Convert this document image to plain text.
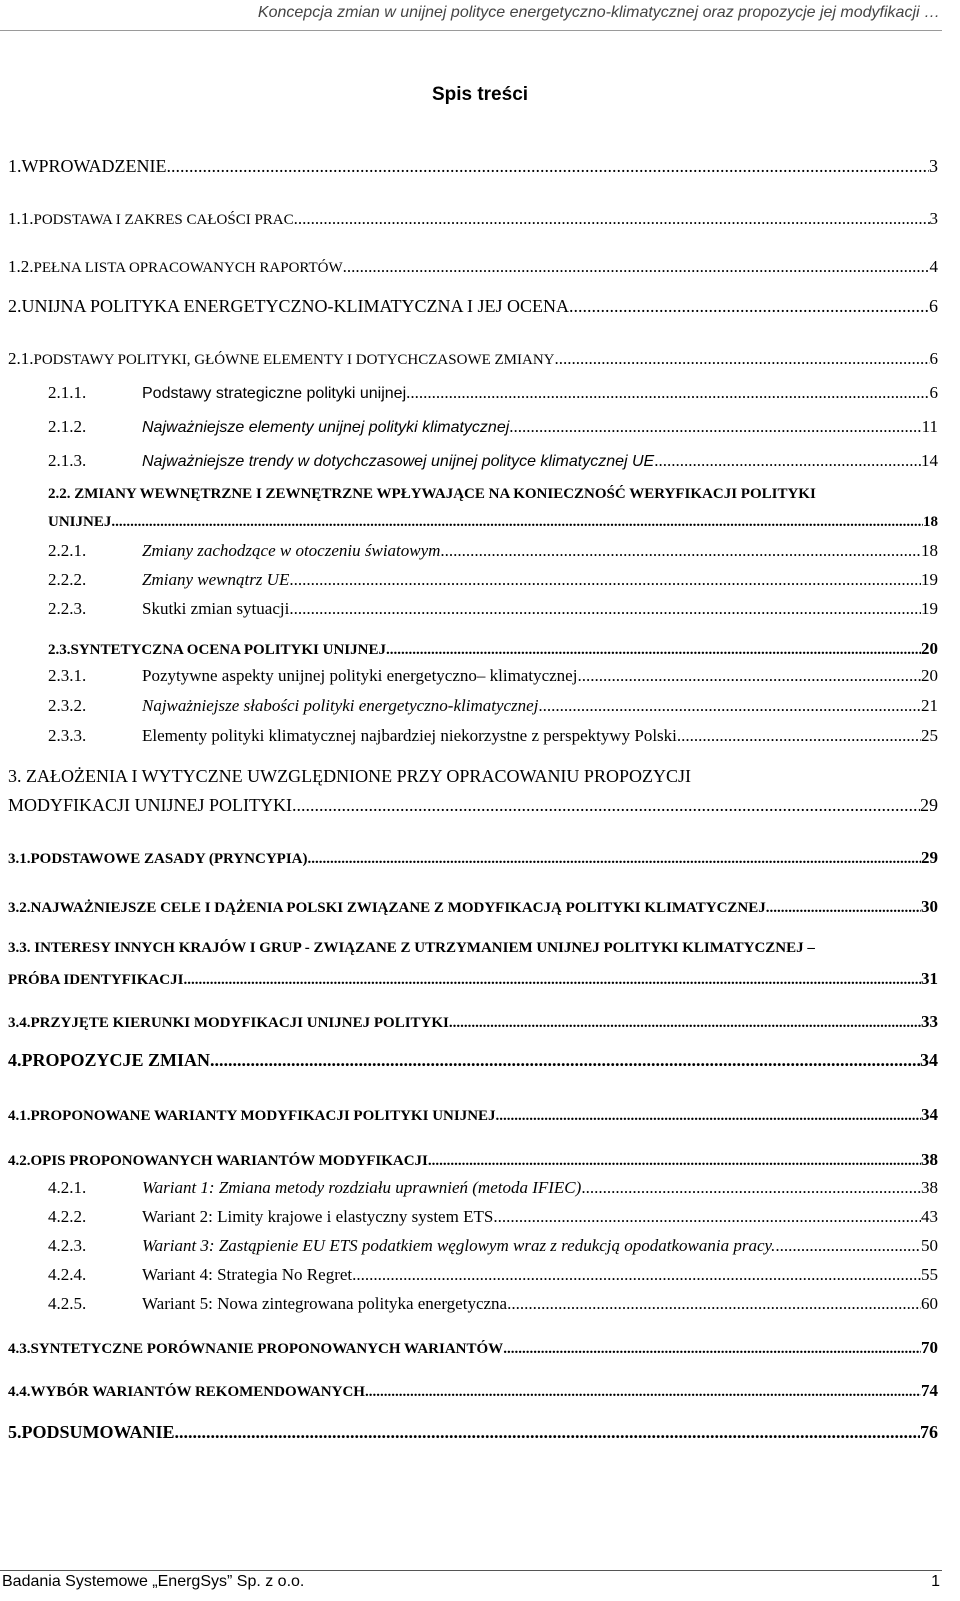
Koncepcja zmian w unijnej polityce energetyczno-klimatycznej oraz propozycje jej modyfikacji …
Spis treści
1. WPROWADZENIE .....	3
1.1. PODSTAWA I ZAKRES CAŁOŚCI PRAC .....	3
1.2. PEŁNA LISTA OPRACOWANYCH RAPORTÓW .....	4
2. UNIJNA POLITYKA ENERGETYCZNO-KLIMATYCZNA I JEJ OCENA .....	6
2.1. PODSTAWY POLITYKI, GŁÓWNE ELEMENTY I DOTYCHCZASOWE ZMIANY .....	6
2.1.1.	Podstawy strategiczne polityki unijnej .....	6
2.1.2.	Najważniejsze elementy unijnej polityki klimatycznej .....	11
2.1.3.	Najważniejsze trendy w dotychczasowej unijnej polityce klimatycznej UE .....	14
2.2. ZMIANY WEWNĘTRZNE I ZEWNĘTRZNE WPŁYWAJĄCE NA KONIECZNOŚĆ WERYFIKACJI POLITYKI
UNIJNEJ .....	18
2.2.1.	Zmiany zachodzące w otoczeniu światowym .....	18
2.2.2.	Zmiany wewnątrz UE .....	19
2.2.3.	Skutki zmian sytuacji .....	19
2.3. SYNTETYCZNA OCENA POLITYKI UNIJNEJ .....	20
2.3.1.	Pozytywne aspekty unijnej polityki energetyczno– klimatycznej .....	20
2.3.2.	Najważniejsze słabości polityki energetyczno-klimatycznej .....	21
2.3.3.	Elementy polityki klimatycznej najbardziej niekorzystne z perspektywy Polski .....	25
3. ZAŁOŻENIA I WYTYCZNE UWZGLĘDNIONE PRZY OPRACOWANIU PROPOZYCJI
MODYFIKACJI UNIJNEJ POLITYKI .....	29
3.1. PODSTAWOWE ZASADY (PRYNCYPIA) .....	29
3.2. NAJWAŻNIEJSZE CELE I DĄŻENIA POLSKI ZWIĄZANE Z MODYFIKACJĄ POLITYKI KLIMATYCZNEJ .....	30
3.3. INTERESY INNYCH KRAJÓW I GRUP - ZWIĄZANE Z UTRZYMANIEM UNIJNEJ POLITYKI KLIMATYCZNEJ –
PRÓBA IDENTYFIKACJI .....	31
3.4. PRZYJĘTE KIERUNKI MODYFIKACJI UNIJNEJ POLITYKI .....	33
4. PROPOZYCJE ZMIAN .....	34
4.1. PROPONOWANE WARIANTY MODYFIKACJI POLITYKI UNIJNEJ .....	34
4.2. OPIS PROPONOWANYCH WARIANTÓW MODYFIKACJI .....	38
4.2.1.	Wariant 1: Zmiana metody rozdziału uprawnień (metoda IFIEC) .....	38
4.2.2.	Wariant 2: Limity krajowe i elastyczny system ETS .....	43
4.2.3.	Wariant 3: Zastąpienie EU ETS podatkiem węglowym wraz z redukcją opodatkowania pracy. .....	50
4.2.4.	Wariant 4: Strategia No Regret .....	55
4.2.5.	Wariant 5: Nowa zintegrowana polityka energetyczna .....	60
4.3. SYNTETYCZNE PORÓWNANIE PROPONOWANYCH WARIANTÓW .....	70
4.4. WYBÓR WARIANTÓW REKOMENDOWANYCH .....	74
5. PODSUMOWANIE .....	76
Badania Systemowe „EnergSys” Sp. z o.o.	1
